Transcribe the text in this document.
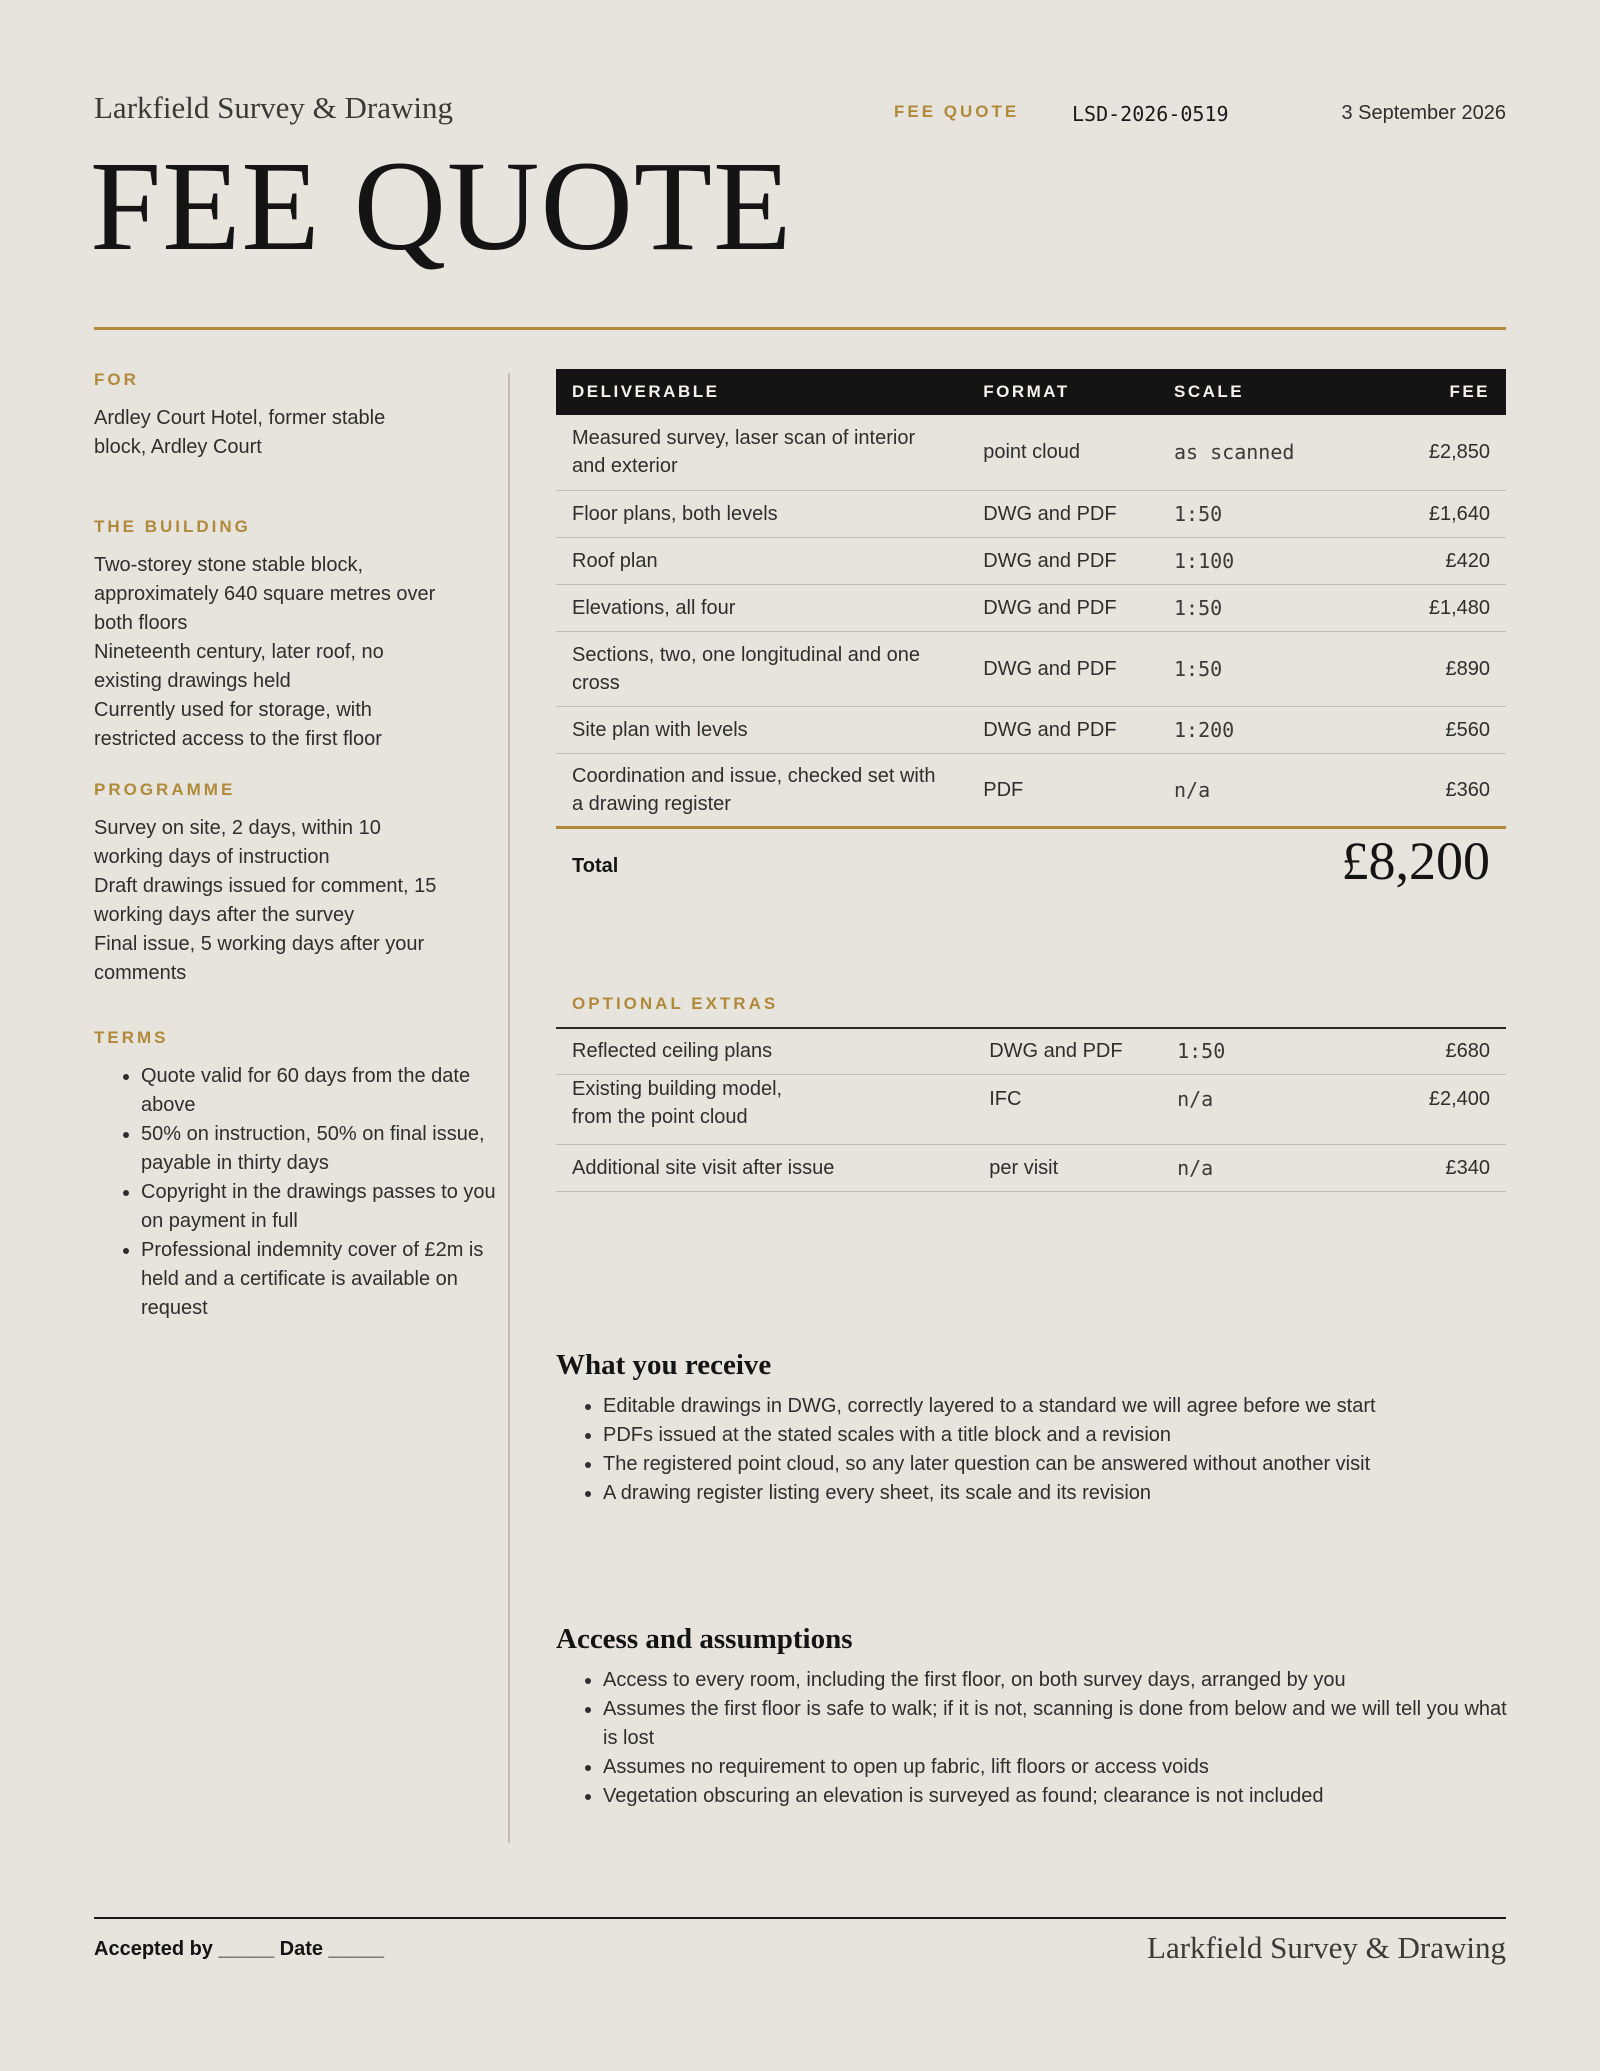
Larkfield Survey & Drawing	FEE QUOTE	LSD-2026-0519	3 September 2026
FEE QUOTE

FOR

Ardley Court Hotel, former stable
block, Ardley Court

THE BUILDING

Two-storey stone stable block,
approximately 640 square metres over
both floors
Nineteenth century, later roof, no
existing drawings held
Currently used for storage, with
restricted access to the first floor

PROGRAMME

Survey on site, 2 days, within 10
working days of instruction
Draft drawings issued for comment, 15
working days after the survey
Final issue, 5 working days after your
comments

TERMS

• Quote valid for 60 days from the date above
• 50% on instruction, 50% on final issue, payable in thirty days
• Copyright in the drawings passes to you on payment in full
• Professional indemnity cover of £2m is held and a certificate is available on request
DELIVERABLE	FORMAT	SCALE	FEE
Measured survey, laser scan of interior and exterior	point cloud	as scanned	£2,850
Floor plans, both levels	DWG and PDF	1:50	£1,640
Roof plan	DWG and PDF	1:100	£420
Elevations, all four	DWG and PDF	1:50	£1,480
Sections, two, one longitudinal and one cross	DWG and PDF	1:50	£890
Site plan with levels	DWG and PDF	1:200	£560
Coordination and issue, checked set with a drawing register	PDF	n/a	£360
Total	£8,200

OPTIONAL EXTRAS

Reflected ceiling plans	DWG and PDF	1:50	£680
Existing building model, from the point cloud	IFC	n/a	£2,400
Additional site visit after issue	per visit	n/a	£340
What you receive
• Editable drawings in DWG, correctly layered to a standard we will agree before we start
• PDFs issued at the stated scales with a title block and a revision
• The registered point cloud, so any later question can be answered without another visit
• A drawing register listing every sheet, its scale and its revision
Access and assumptions
• Access to every room, including the first floor, on both survey days, arranged by you
• Assumes the first floor is safe to walk; if it is not, scanning is done from below and we will tell you what is lost
• Assumes no requirement to open up fabric, lift floors or access voids
• Vegetation obscuring an elevation is surveyed as found; clearance is not included
Accepted by _____ Date _____	Larkfield Survey & Drawing
